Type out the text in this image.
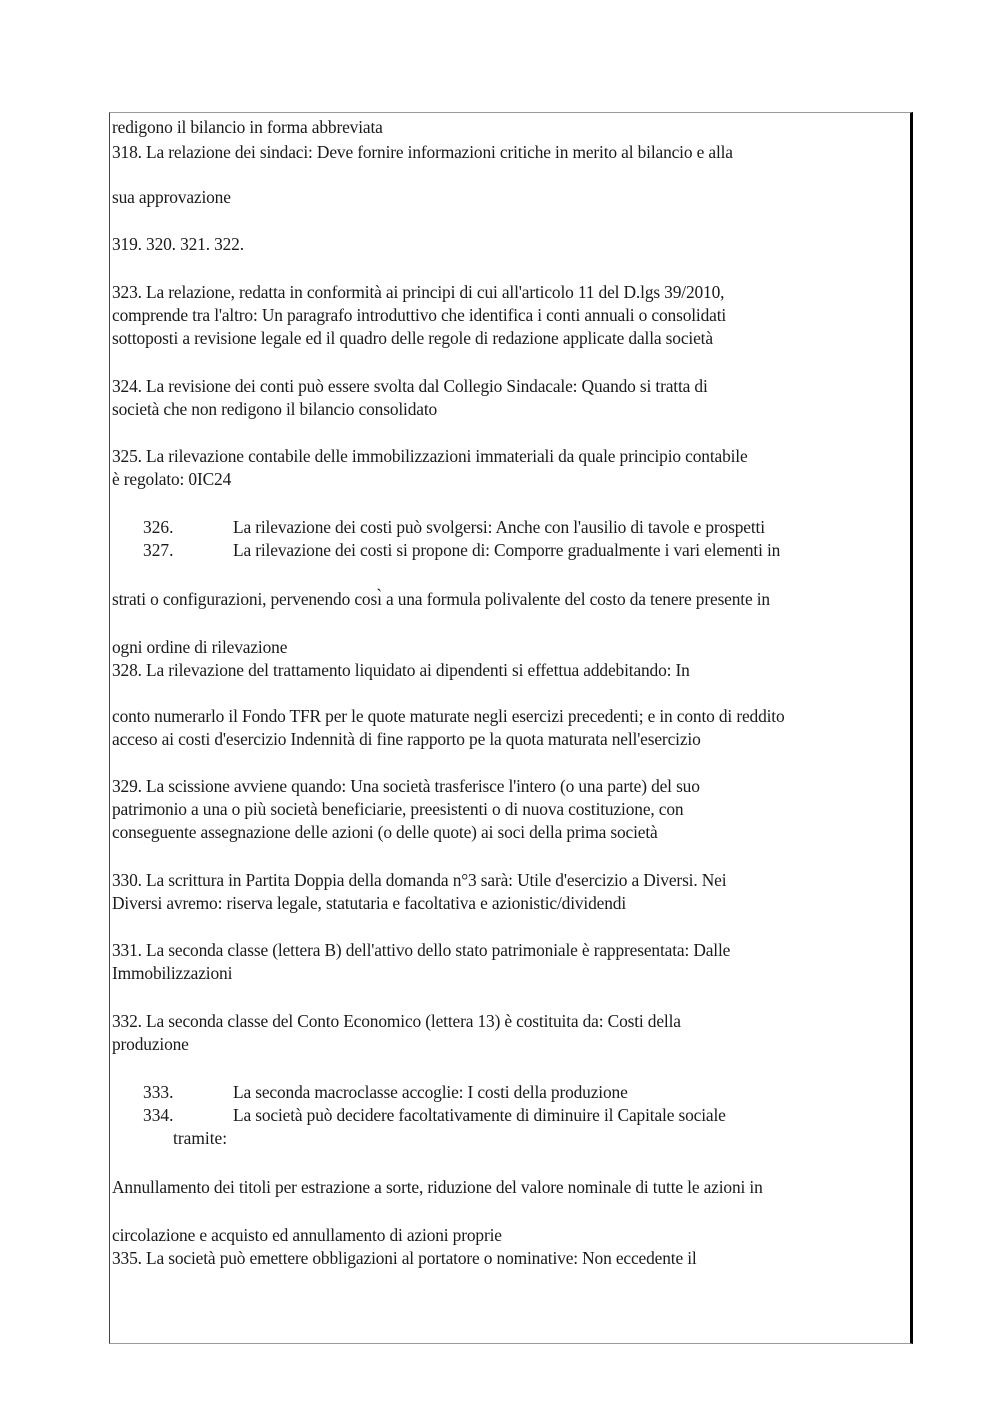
redigono il bilancio in forma abbreviata
318. La relazione dei sindaci: Deve fornire informazioni critiche in merito al bilancio e alla
sua approvazione
319. 320. 321. 322.
323. La relazione, redatta in conformità ai principi di cui all'articolo 11 del D.lgs 39/2010,
comprende tra l'altro: Un paragrafo introduttivo che identifica i conti annuali o consolidati
sottoposti a revisione legale ed il quadro delle regole di redazione applicate dalla società
324. La revisione dei conti può essere svolta dal Collegio Sindacale: Quando si tratta di
società che non redigono il bilancio consolidato
325. La rilevazione contabile delle immobilizzazioni immateriali da quale principio contabile
è regolato: 0IC24
326.	La rilevazione dei costi può svolgersi: Anche con l'ausilio di tavole e prospetti
327.	La rilevazione dei costi si propone di: Comporre gradualmente i vari elementi in
strati o configurazioni, pervenendo cosı̀ a una formula polivalente del costo da tenere presente in
ogni ordine di rilevazione
328. La rilevazione del trattamento liquidato ai dipendenti si effettua addebitando: In
conto numerarlo il Fondo TFR per le quote maturate negli esercizi precedenti; e in conto di reddito
acceso ai costi d'esercizio Indennità di fine rapporto pe la quota maturata nell'esercizio
329. La scissione avviene quando: Una società trasferisce l'intero (o una parte) del suo
patrimonio a una o più società beneficiarie, preesistenti o di nuova costituzione, con
conseguente assegnazione delle azioni (o delle quote) ai soci della prima società
330. La scrittura in Partita Doppia della domanda n°3 sarà: Utile d'esercizio a Diversi. Nei
Diversi avremo: riserva legale, statutaria e facoltativa e azionistic/dividendi
331. La seconda classe (lettera B) dell'attivo dello stato patrimoniale è rappresentata: Dalle
Immobilizzazioni
332. La seconda classe del Conto Economico (lettera 13) è costituita da: Costi della
produzione
333.	La seconda macroclasse accoglie: I costi della produzione
334.	La società può decidere facoltativamente di diminuire il Capitale sociale
tramite:
Annullamento dei titoli per estrazione a sorte, riduzione del valore nominale di tutte le azioni in
circolazione e acquisto ed annullamento di azioni proprie
335. La società può emettere obbligazioni al portatore o nominative: Non eccedente il
